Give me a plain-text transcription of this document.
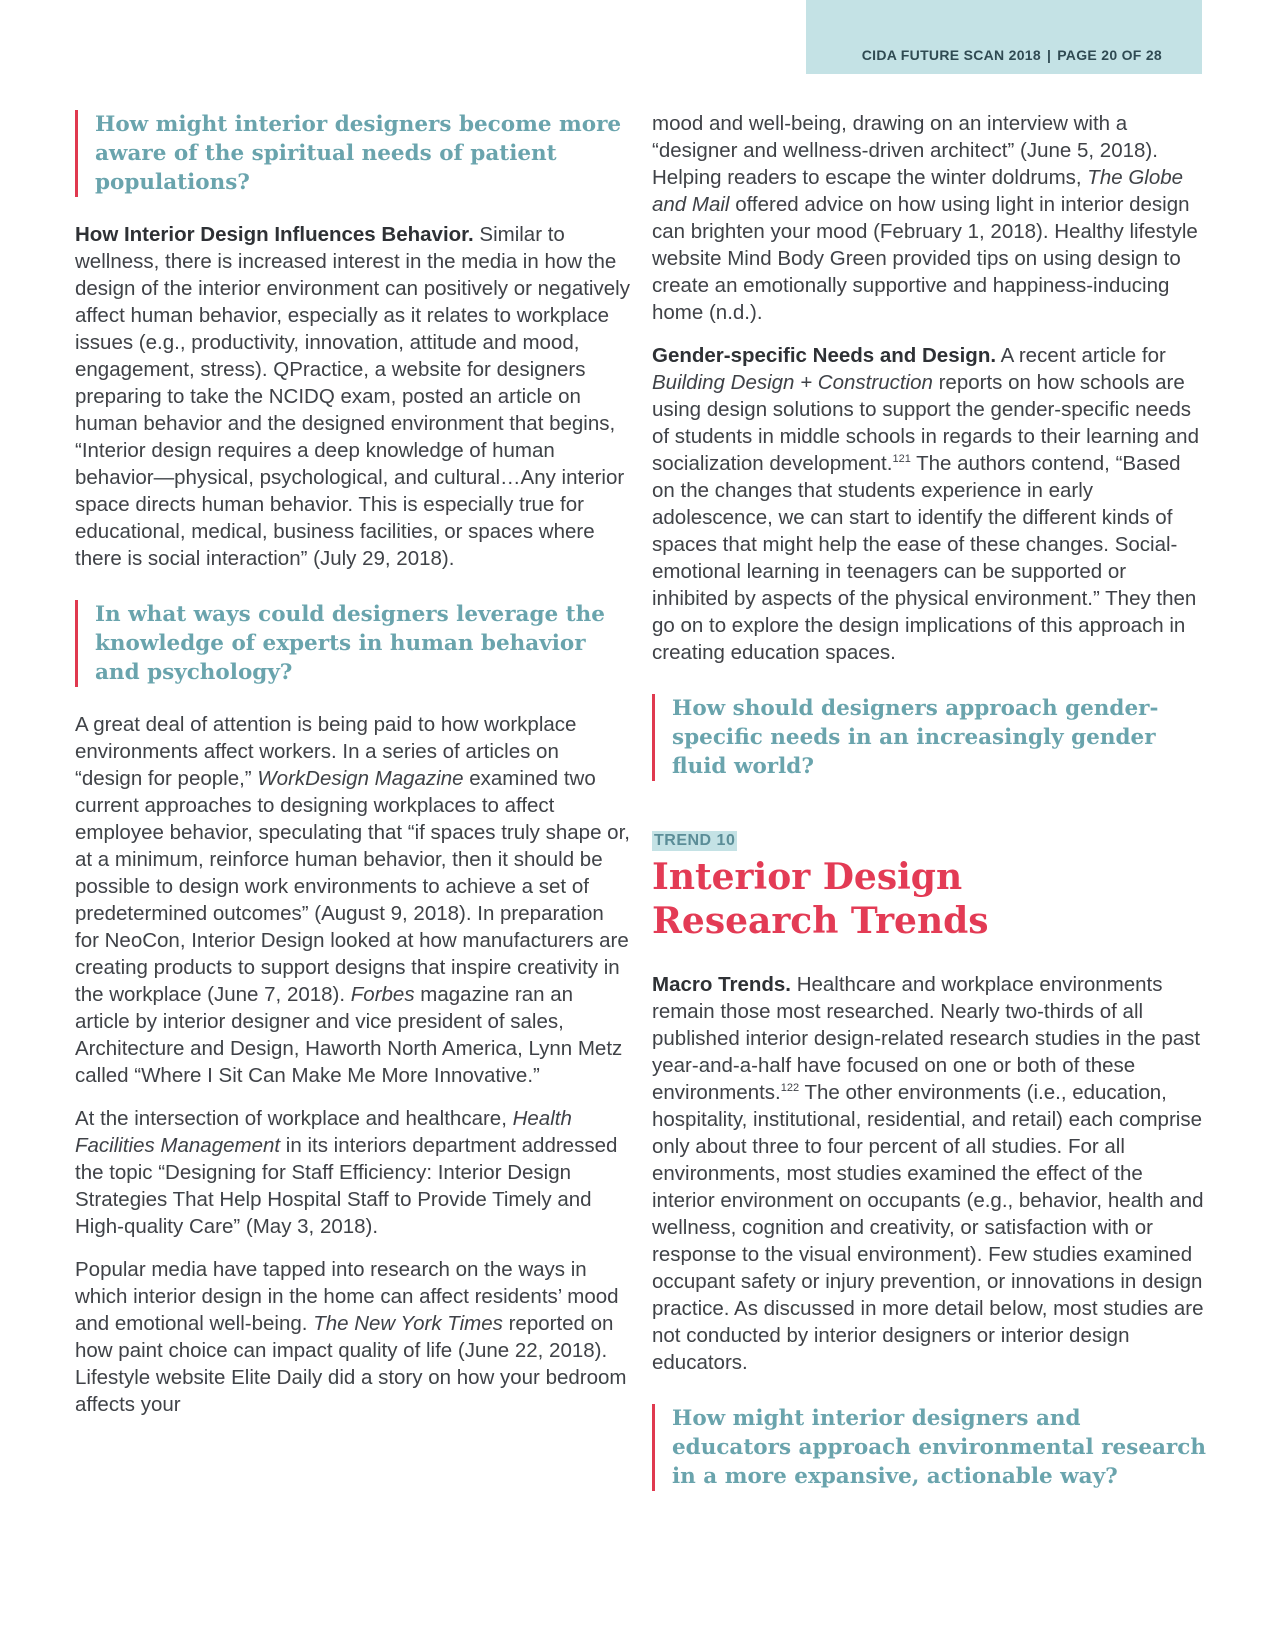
CIDA FUTURE SCAN 2018 | PAGE 20 OF 28
How might interior designers become more aware of the spiritual needs of patient populations?

How Interior Design Influences Behavior. Similar to wellness, there is increased interest in the media in how the design of the interior environment can positively or negatively affect human behavior, especially as it relates to workplace issues (e.g., productivity, innovation, attitude and mood, engagement, stress). QPractice, a website for designers preparing to take the NCIDQ exam, posted an article on human behavior and the designed environment that begins, “Interior design requires a deep knowledge of human behavior—physical, psychological, and cultural…Any interior space directs human behavior. This is especially true for educational, medical, business facilities, or spaces where there is social interaction” (July 29, 2018).

In what ways could designers leverage the knowledge of experts in human behavior and psychology?

A great deal of attention is being paid to how workplace environments affect workers. In a series of articles on “design for people,” WorkDesign Magazine examined two current approaches to designing workplaces to affect employee behavior, speculating that “if spaces truly shape or, at a minimum, reinforce human behavior, then it should be possible to design work environments to achieve a set of predetermined outcomes” (August 9, 2018). In preparation for NeoCon, Interior Design looked at how manufacturers are creating products to support designs that inspire creativity in the workplace (June 7, 2018). Forbes magazine ran an article by interior designer and vice president of sales, Architecture and Design, Haworth North America, Lynn Metz called “Where I Sit Can Make Me More Innovative.”

At the intersection of workplace and healthcare, Health Facilities Management in its interiors department addressed the topic “Designing for Staff Efficiency: Interior Design Strategies That Help Hospital Staff to Provide Timely and High-quality Care” (May 3, 2018).

Popular media have tapped into research on the ways in which interior design in the home can affect residents’ mood and emotional well-being. The New York Times reported on how paint choice can impact quality of life (June 22, 2018). Lifestyle website Elite Daily did a story on how your bedroom affects your

mood and well-being, drawing on an interview with a “designer and wellness-driven architect” (June 5, 2018). Helping readers to escape the winter doldrums, The Globe and Mail offered advice on how using light in interior design can brighten your mood (February 1, 2018). Healthy lifestyle website Mind Body Green provided tips on using design to create an emotionally supportive and happiness-inducing home (n.d.).

Gender-specific Needs and Design. A recent article for Building Design + Construction reports on how schools are using design solutions to support the gender-specific needs of students in middle schools in regards to their learning and socialization development.$^{121}$ The authors contend, “Based on the changes that students experience in early adolescence, we can start to identify the different kinds of spaces that might help the ease of these changes. Social-emotional learning in teenagers can be supported or inhibited by aspects of the physical environment.” They then go on to explore the design implications of this approach in creating education spaces.

How should designers approach gender-specific needs in an increasingly gender fluid world?
TREND 10
Interior Design
Research Trends

Macro Trends. Healthcare and workplace environments remain those most researched. Nearly two-thirds of all published interior design-related research studies in the past year-and-a-half have focused on one or both of these environments.$^{122}$ The other environments (i.e., education, hospitality, institutional, residential, and retail) each comprise only about three to four percent of all studies. For all environments, most studies examined the effect of the interior environment on occupants (e.g., behavior, health and wellness, cognition and creativity, or satisfaction with or response to the visual environment). Few studies examined occupant safety or injury prevention, or innovations in design practice. As discussed in more detail below, most studies are not conducted by interior designers or interior design educators.

How might interior designers and educators approach environmental research in a more expansive, actionable way?
